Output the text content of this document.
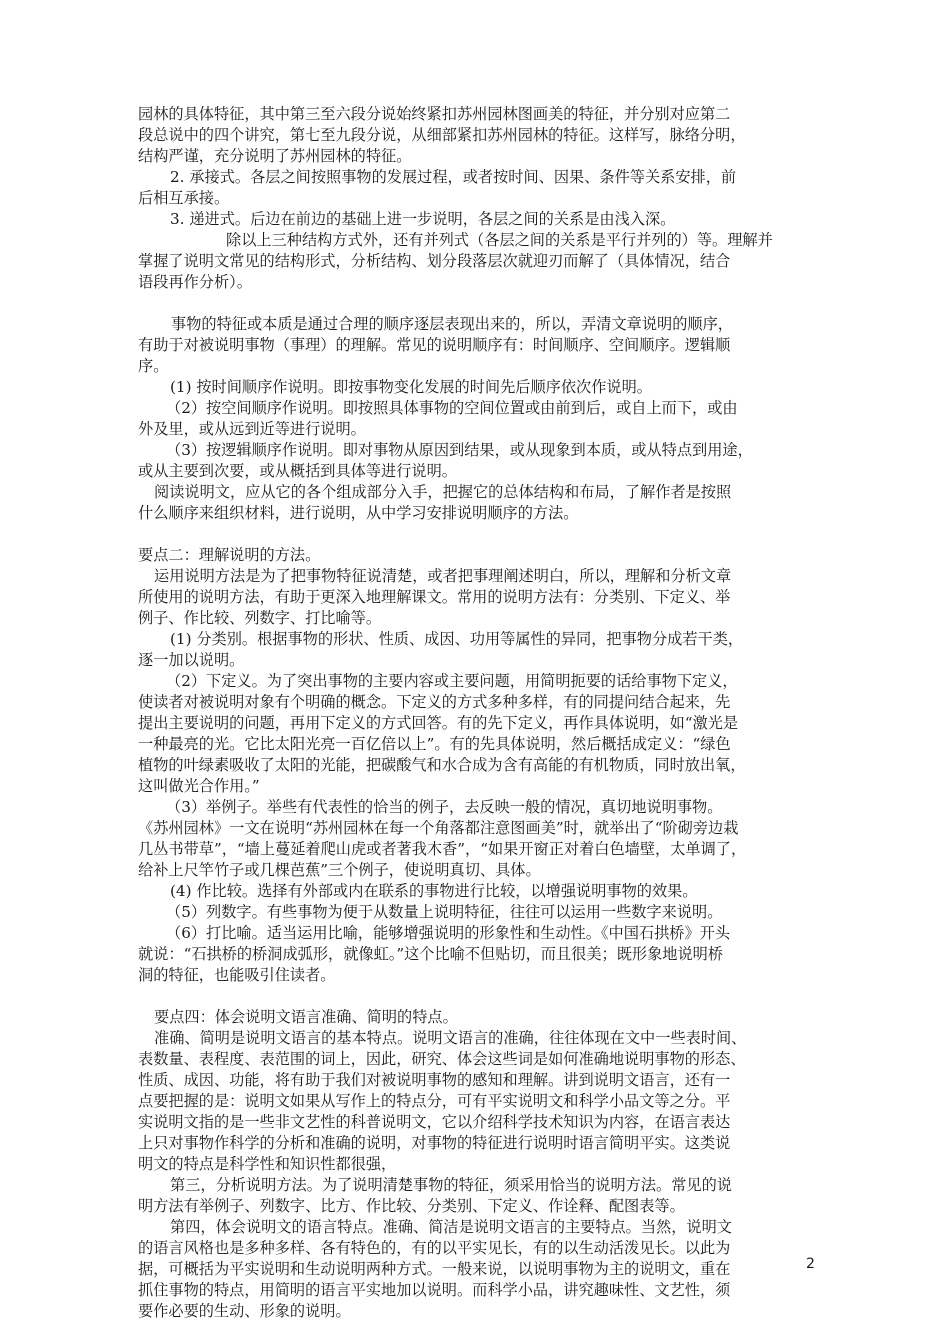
园林的具体特征，其中第三至六段分说始终紧扣苏州园林图画美的特征，并分别对应第二
段总说中的四个讲究，第七至九段分说，从细部紧扣苏州园林的特征。这样写，脉络分明，
结构严谨，充分说明了苏州园林的特征。
2. 承接式。各层之间按照事物的发展过程，或者按时间、因果、条件等关系安排，前
后相互承接。
3. 递进式。后边在前边的基础上进一步说明，各层之间的关系是由浅入深。
除以上三种结构方式外，还有并列式（各层之间的关系是平行并列的）等。理解并
掌握了说明文常见的结构形式，分析结构、划分段落层次就迎刃而解了（具体情况，结合
语段再作分析）。
事物的特征或本质是通过合理的顺序逐层表现出来的，所以，弄清文章说明的顺序，
有助于对被说明事物（事理）的理解。常见的说明顺序有：时间顺序、空间顺序。逻辑顺
序。
(1) 按时间顺序作说明。即按事物变化发展的时间先后顺序依次作说明。
（2）按空间顺序作说明。即按照具体事物的空间位置或由前到后，或自上而下，或由
外及里，或从远到近等进行说明。
（3）按逻辑顺序作说明。即对事物从原因到结果，或从现象到本质，或从特点到用途，
或从主要到次要，或从概括到具体等进行说明。
阅读说明文，应从它的各个组成部分入手，把握它的总体结构和布局，了解作者是按照
什么顺序来组织材料，进行说明，从中学习安排说明顺序的方法。
要点二：理解说明的方法。
运用说明方法是为了把事物特征说清楚，或者把事理阐述明白，所以，理解和分析文章
所使用的说明方法，有助于更深入地理解课文。常用的说明方法有：分类别、下定义、举
例子、作比较、列数字、打比喻等。
(1) 分类别。根据事物的形状、性质、成因、功用等属性的异同，把事物分成若干类，
逐一加以说明。
（2）下定义。为了突出事物的主要内容或主要问题，用简明扼要的话给事物下定义，
使读者对被说明对象有个明确的概念。下定义的方式多种多样，有的同提问结合起来，先
提出主要说明的问题，再用下定义的方式回答。有的先下定义，再作具体说明，如“激光是
一种最亮的光。它比太阳光亮一百亿倍以上”。有的先具体说明，然后概括成定义：“绿色
植物的叶绿素吸收了太阳的光能，把碳酸气和水合成为含有高能的有机物质，同时放出氧，
这叫做光合作用。”
（3）举例子。举些有代表性的恰当的例子，去反映一般的情况，真切地说明事物。
《苏州园林》一文在说明“苏州园林在每一个角落都注意图画美”时，就举出了“阶砌旁边栽
几丛书带草”，“墙上蔓延着爬山虎或者著我木香”，“如果开窗正对着白色墙壁，太单调了，
给补上尺竿竹子或几棵芭蕉”三个例子，使说明真切、具体。
(4) 作比较。选择有外部或内在联系的事物进行比较，以增强说明事物的效果。
（5）列数字。有些事物为便于从数量上说明特征，往往可以运用一些数字来说明。
（6）打比喻。适当运用比喻，能够增强说明的形象性和生动性。《中国石拱桥》开头
就说：“石拱桥的桥洞成弧形，就像虹。”这个比喻不但贴切，而且很美；既形象地说明桥
洞的特征，也能吸引住读者。
要点四：体会说明文语言准确、简明的特点。
准确、简明是说明文语言的基本特点。说明文语言的准确，往往体现在文中一些表时间、
表数量、表程度、表范围的词上，因此，研究、体会这些词是如何准确地说明事物的形态、
性质、成因、功能，将有助于我们对被说明事物的感知和理解。讲到说明文语言，还有一
点要把握的是：说明文如果从写作上的特点分，可有平实说明文和科学小品文等之分。平
实说明文指的是一些非文艺性的科普说明文，它以介绍科学技术知识为内容，在语言表达
上只对事物作科学的分析和准确的说明，对事物的特征进行说明时语言简明平实。这类说
明文的特点是科学性和知识性都很强，
第三，分析说明方法。为了说明清楚事物的特征，须采用恰当的说明方法。常见的说
明方法有举例子、列数字、比方、作比较、分类别、下定义、作诠释、配图表等。
第四，体会说明文的语言特点。准确、简洁是说明文语言的主要特点。当然，说明文
的语言风格也是多种多样、各有特色的，有的以平实见长，有的以生动活泼见长。以此为
据，可概括为平实说明和生动说明两种方式。一般来说，以说明事物为主的说明文，重在
抓住事物的特点，用简明的语言平实地加以说明。而科学小品，讲究趣味性、文艺性，须
要作必要的生动、形象的说明。
2
